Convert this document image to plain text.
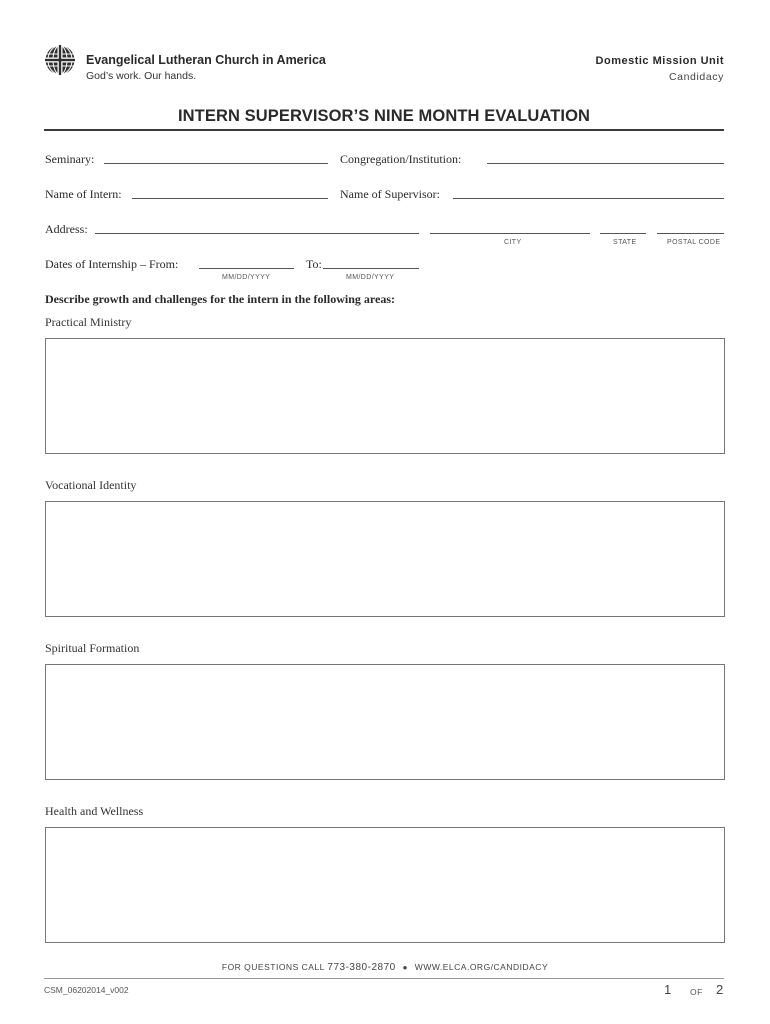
Evangelical Lutheran Church in America
God’s work. Our hands.
Domestic Mission Unit
Candidacy
INTERN SUPERVISOR’S NINE MONTH EVALUATION
Seminary:	Congregation/Institution:
Name of Intern:	Name of Supervisor:
Address:
CITY	STATE	POSTAL CODE
Dates of Internship – From:	To:
MM/DD/YYYY	MM/DD/YYYY
Describe growth and challenges for the intern in the following areas:
Practical Ministry
Vocational Identity
Spiritual Formation
Health and Wellness
FOR QUESTIONS CALL 773-380-2870 ● WWW.ELCA.ORG/CANDIDACY
CSM_06202014_v002	1 OF 2
